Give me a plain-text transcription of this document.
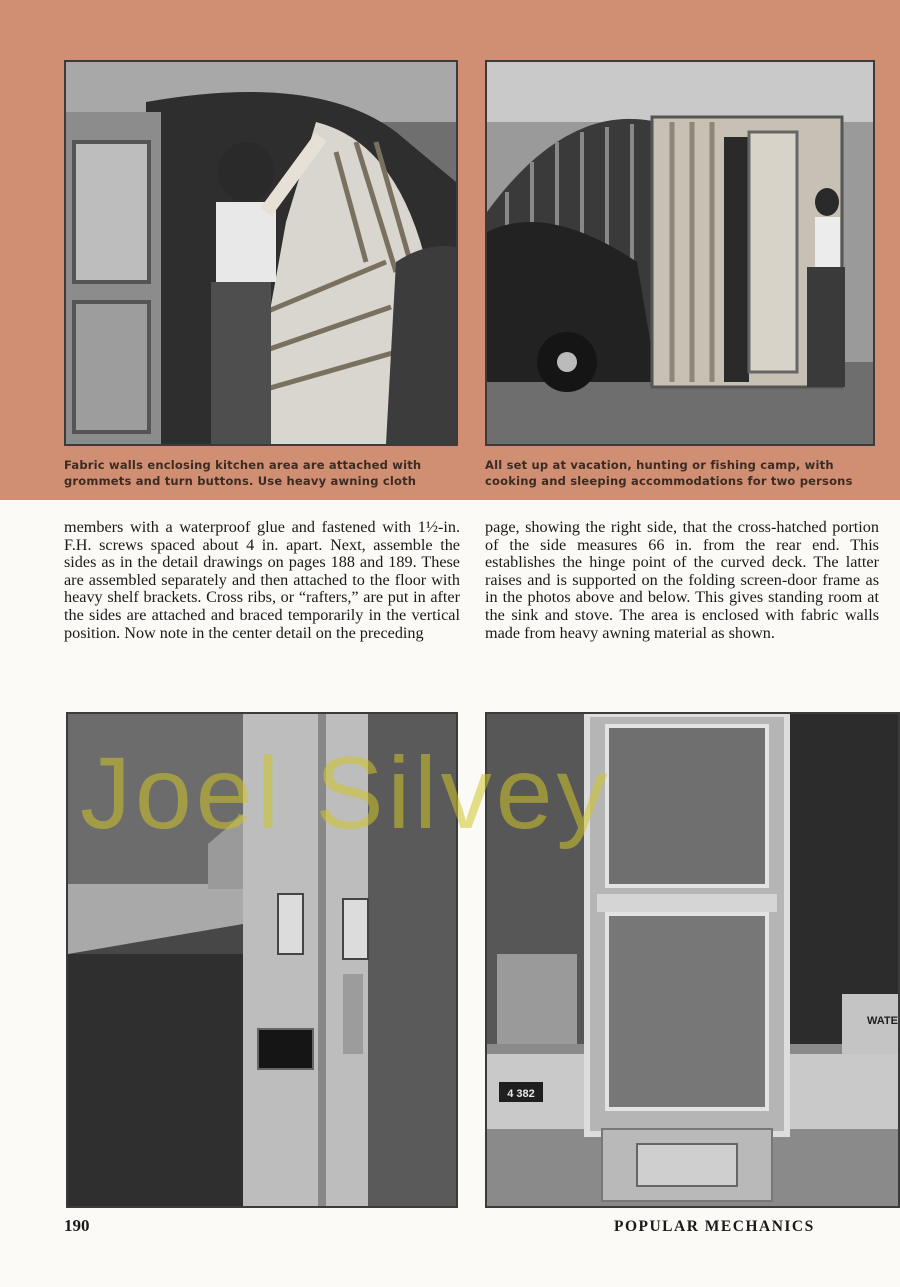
Fabric walls enclosing kitchen area are attached with grommets and turn buttons. Use heavy awning cloth
All set up at vacation, hunting or fishing camp, with cooking and sleeping accommodations for two persons

members with a waterproof glue and fastened with 1½-in. F.H. screws spaced about 4 in. apart. Next, assemble the sides as in the detail drawings on pages 188 and 189. These are assembled separately and then attached to the floor with heavy shelf brackets. Cross ribs, or “rafters,” are put in after the sides are attached and braced temporarily in the vertical position. Now note in the center detail on the preceding

page, showing the right side, that the cross-hatched portion of the side measures 66 in. from the rear end. This establishes the hinge point of the curved deck. The latter raises and is supported on the folding screen-door frame as in the photos above and below. This gives standing room at the sink and stove. The area is enclosed with fabric walls made from heavy awning material as shown.

4 382
WATE
Joel Silvey
190	POPULAR MECHANICS
